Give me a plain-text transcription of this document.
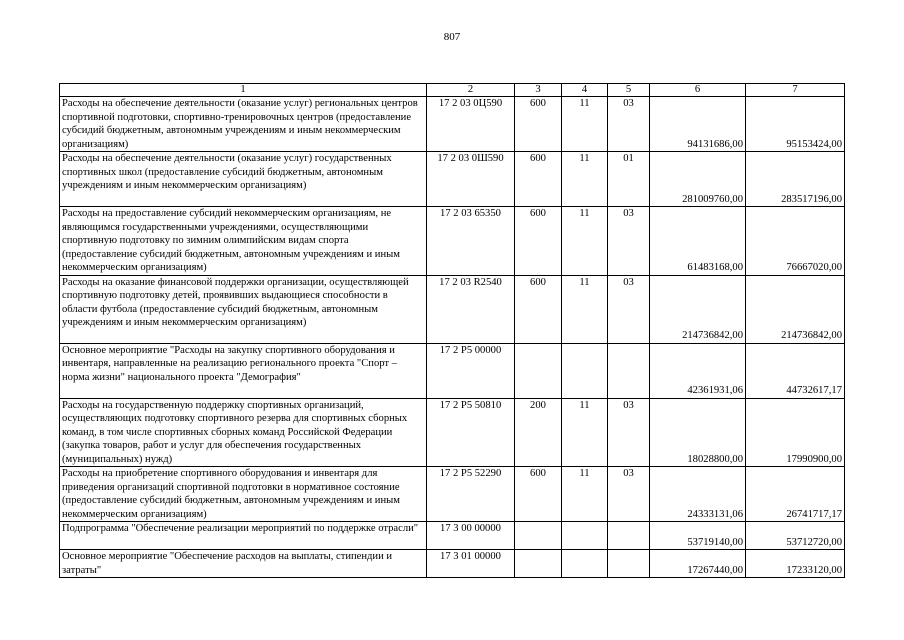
807
1	2	3	4	5	6	7
Расходы на обеспечение деятельности (оказание услуг) региональных центров спортивной подготовки, спортивно-тренировочных центров (предоставление субсидий бюджетным, автономным учреждениям и иным некоммерческим организациям)	17 2 03 0Ц590	600	11	03	94131686,00	95153424,00
Расходы на обеспечение деятельности (оказание услуг) государственных спортивных школ (предоставление субсидий бюджетным, автономным учреждениям и иным некоммерческим организациям)	17 2 03 0Ш590	600	11	01	281009760,00	283517196,00
Расходы на предоставление субсидий некоммерческим организациям, не являющимся государственными учреждениями, осуществляющими спортивную подготовку по зимним олимпийским видам спорта (предоставление субсидий бюджетным, автономным учреждениям и иным некоммерческим организациям)	17 2 03 65350	600	11	03	61483168,00	76667020,00
Расходы на оказание финансовой поддержки организации, осуществляющей спортивную подготовку детей, проявивших выдающиеся способности в области футбола (предоставление субсидий бюджетным, автономным учреждениям и иным некоммерческим организациям)	17 2 03 R2540	600	11	03	214736842,00	214736842,00
Основное мероприятие "Расходы на закупку спортивного оборудования и инвентаря, направленные на реализацию регионального проекта "Спорт – норма жизни" национального проекта "Демография"	17 2 P5 00000				42361931,06	44732617,17
Расходы на государственную поддержку спортивных организаций, осуществляющих подготовку спортивного резерва для спортивных сборных команд, в том числе спортивных сборных команд Российской Федерации (закупка товаров, работ и услуг для обеспечения государственных (муниципальных) нужд)	17 2 P5 50810	200	11	03	18028800,00	17990900,00
Расходы на приобретение спортивного оборудования и инвентаря для приведения организаций спортивной подготовки в нормативное состояние (предоставление субсидий бюджетным, автономным учреждениям и иным некоммерческим организациям)	17 2 P5 52290	600	11	03	24333131,06	26741717,17
Подпрограмма "Обеспечение реализации мероприятий по поддержке отрасли"	17 3 00 00000				53719140,00	53712720,00
Основное мероприятие "Обеспечение расходов на выплаты, стипендии и затраты"	17 3 01 00000				17267440,00	17233120,00
